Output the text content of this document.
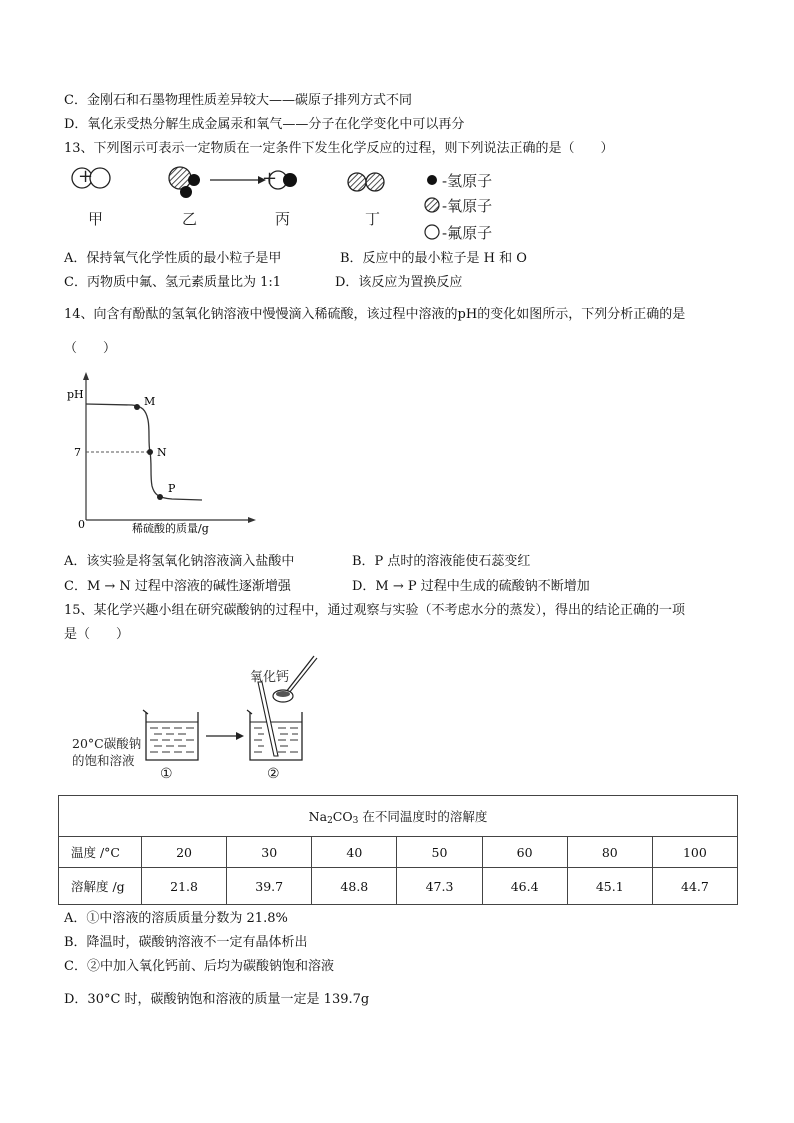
C．金刚石和石墨物理性质差异较大——碳原子排列方式不同
D．氧化汞受热分解生成金属汞和氧气——分子在化学变化中可以再分
13、下列图示可表示一定物质在一定条件下发生化学反应的过程，则下列说法正确的是（　　）
+	+
甲	乙	丙	丁
-氢原子
-氧原子
-氟原子
A．保持氧气化学性质的最小粒子是甲	B．反应中的最小粒子是 H 和 O
C．丙物质中氟、氢元素质量比为 1:1	D．该反应为置换反应
14、向含有酚酞的氢氧化钠溶液中慢慢滴入稀硫酸，该过程中溶液的pH的变化如图所示，下列分析正确的是
（　　）
pH
0
7
M
N
P
稀硫酸的质量/g
A．该实验是将氢氧化钠溶液滴入盐酸中	B．P 点时的溶液能使石蕊变红
C．M → N 过程中溶液的碱性逐渐增强	D．M → P 过程中生成的硫酸钠不断增加
15、某化学兴趣小组在研究碳酸钠的过程中，通过观察与实验（不考虑水分的蒸发），得出的结论正确的一项
是（　　）
氧化钙
20°C碳酸钠
的饱和溶液
①	②
$Na_2CO_3$ 在不同温度时的溶解度							
温度 /°C	20	30	40	50	60	80	100
溶解度 /g	21.8	39.7	48.8	47.3	46.4	45.1	44.7
A．①中溶液的溶质质量分数为 21.8%
B．降温时，碳酸钠溶液不一定有晶体析出
C．②中加入氧化钙前、后均为碳酸钠饱和溶液
D．30°C 时，碳酸钠饱和溶液的质量一定是 139.7g
